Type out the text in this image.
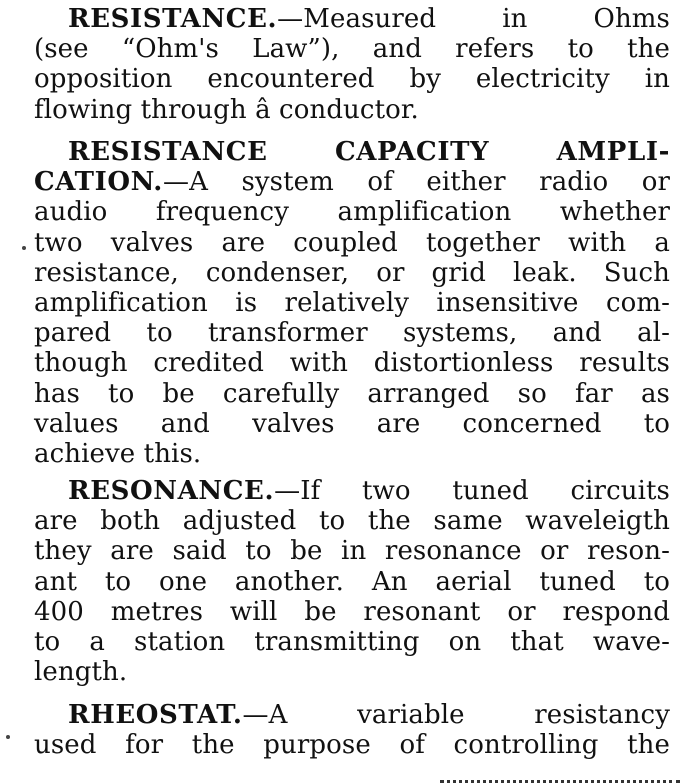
RESISTANCE.—Measured in Ohms
(see “Ohm's Law”), and refers to the
opposition encountered by electricity in
flowing through â conductor.
RESISTANCE CAPACITY AMPLI-
CATION.—A system of either radio or
audio frequency amplification whether
two valves are coupled together with a
resistance, condenser, or grid leak. Such
amplification is relatively insensitive com-
pared to transformer systems, and al-
though credited with distortionless results
has to be carefully arranged so far as
values and valves are concerned to
achieve this.
RESONANCE.—If two tuned circuits
are both adjusted to the same waveleigth
they are said to be in resonance or reson-
ant to one another. An aerial tuned to
400 metres will be resonant or respond
to a station transmitting on that wave-
length.
RHEOSTAT.—A variable resistancy
used for the purpose of controlling the
